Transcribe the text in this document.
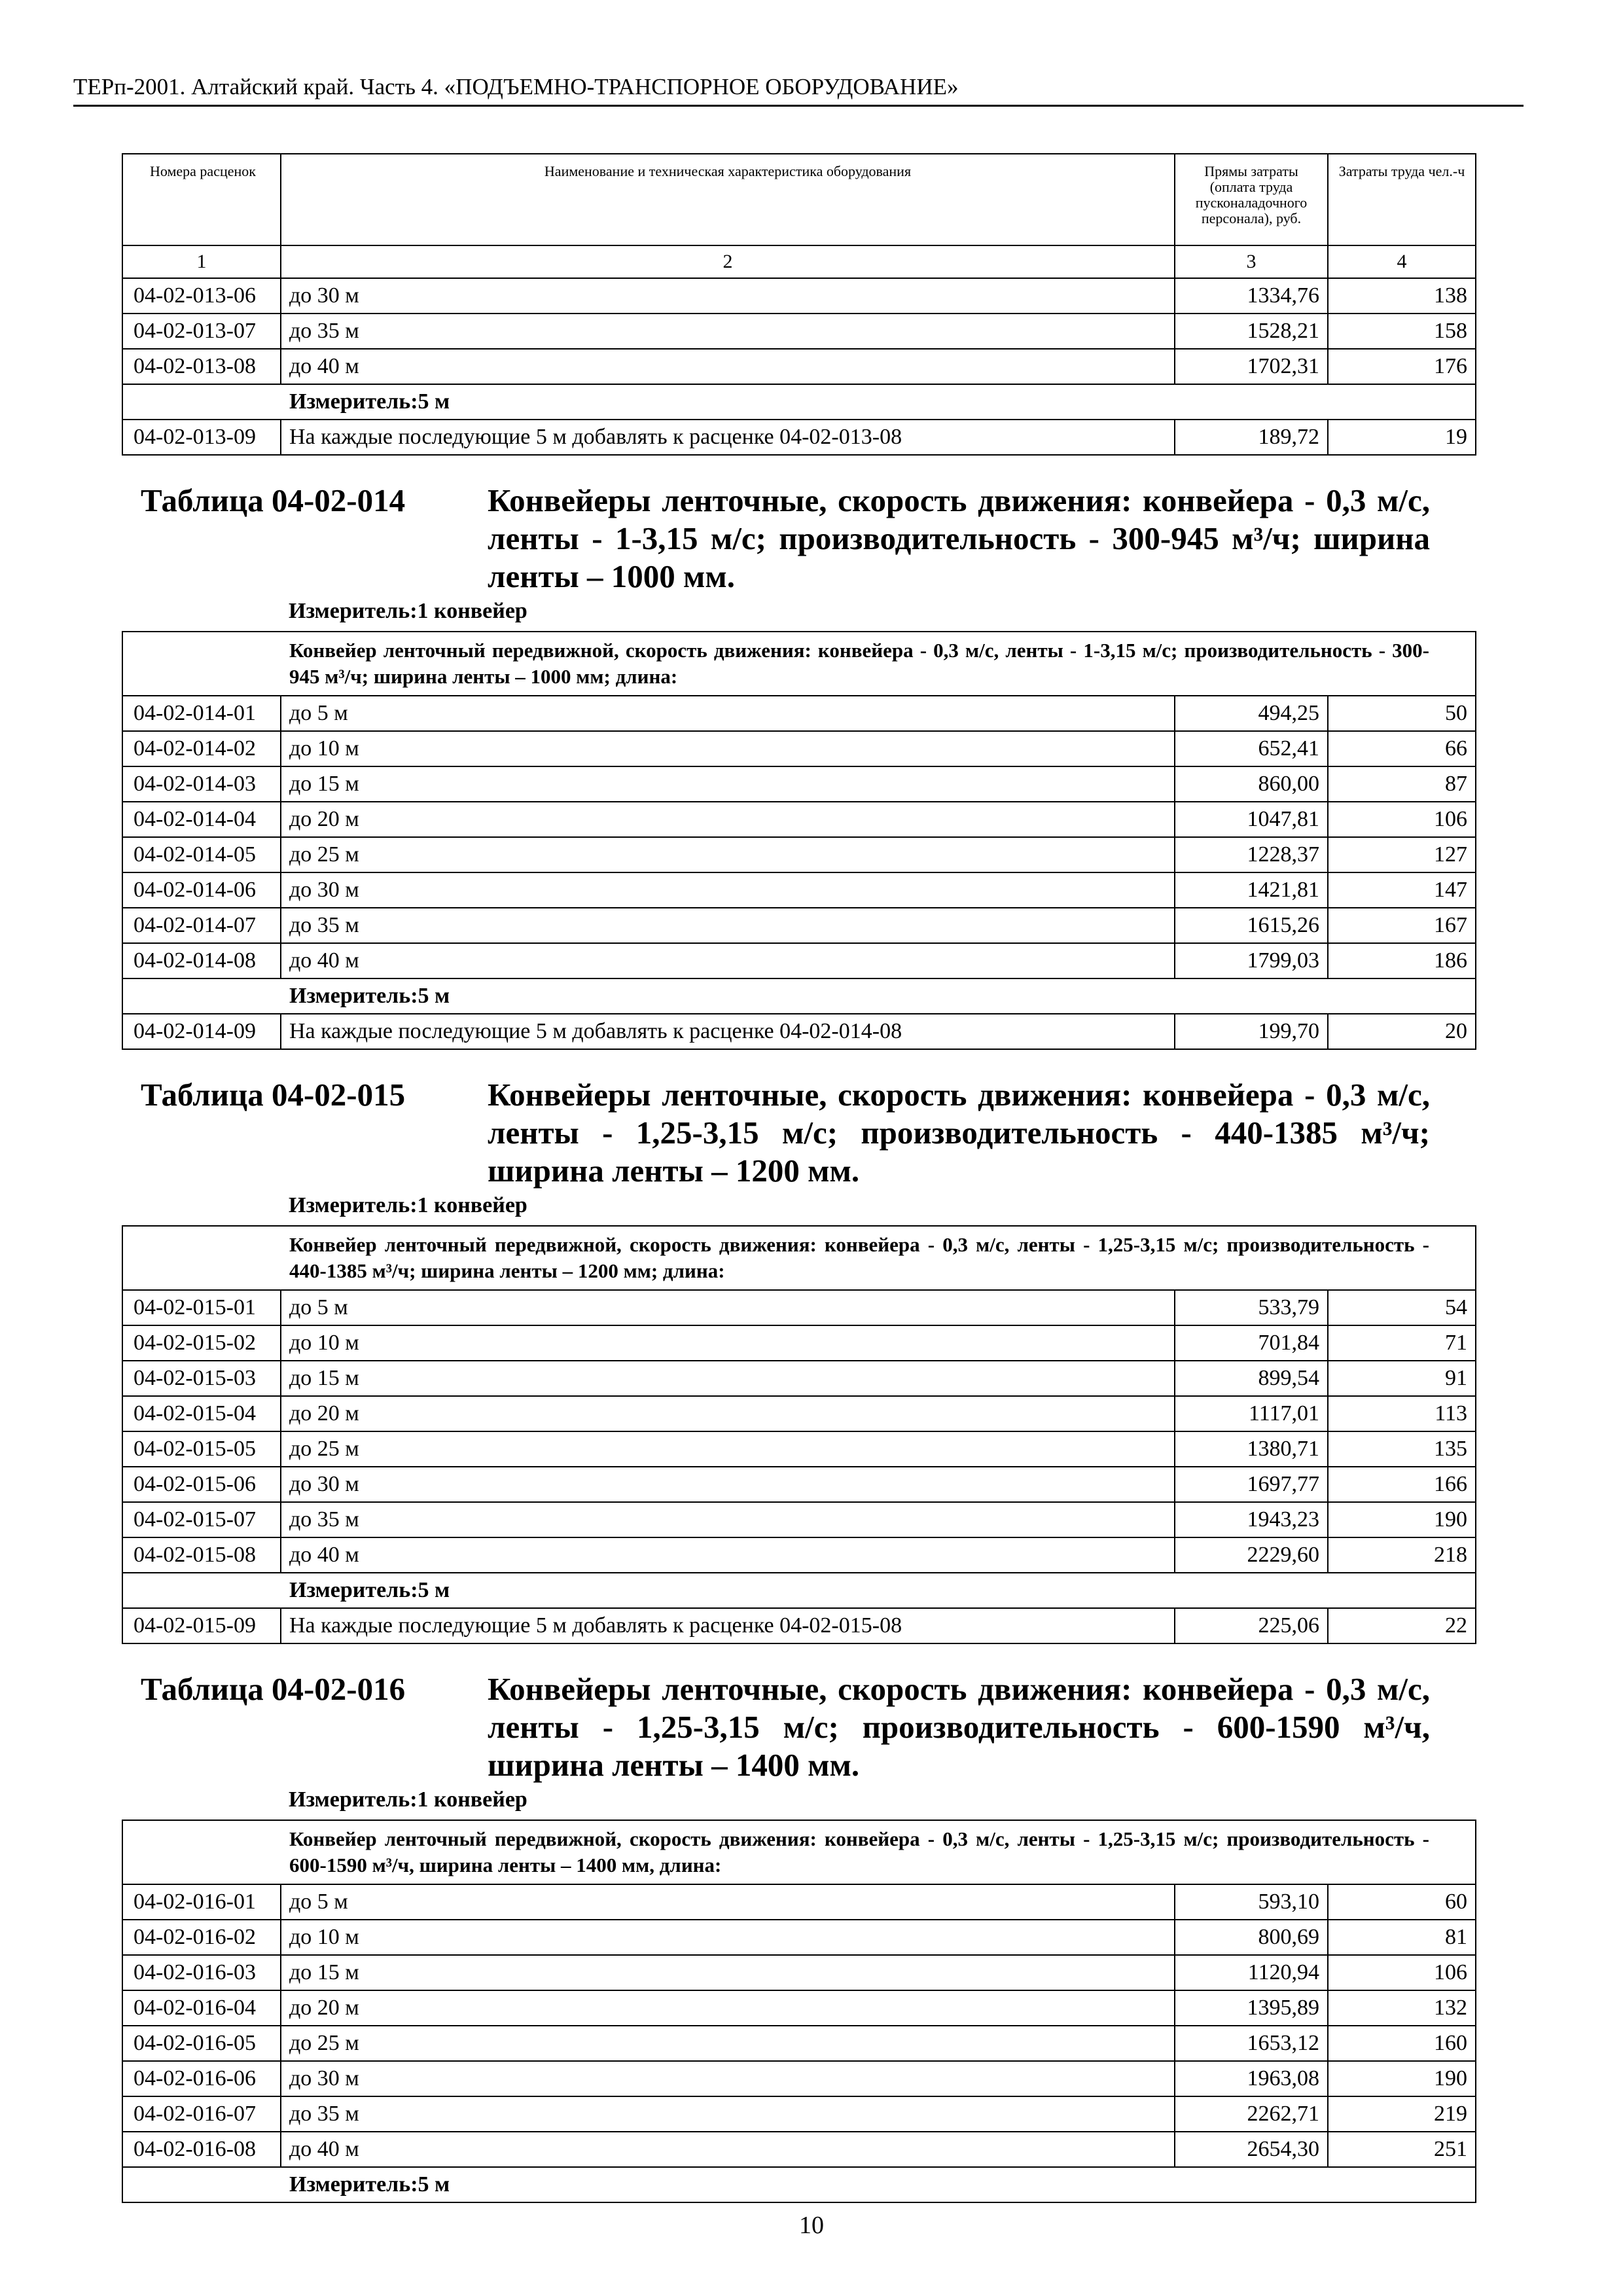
ТЕРп-2001. Алтайский край. Часть 4. «ПОДЪЕМНО-ТРАНСПОРНОЕ ОБОРУДОВАНИЕ»
Номера расценок	Наименование и техническая характеристика оборудования	Прямы затраты (оплата труда пусконаладочного персонала), руб.	Затраты труда чел.-ч
1	2	3	4
04-02-013-06	до 30 м	1334,76	138
04-02-013-07	до 35 м	1528,21	158
04-02-013-08	до 40 м	1702,31	176
Измеритель:5 м			
04-02-013-09	На каждые последующие 5 м добавлять к расценке 04-02-013-08	189,72	19

Таблица 04-02-014 Конвейеры ленточные, скорость движения: конвейера - 0,3 м/с, ленты - 1-3,15 м/с; производительность - 300-945 м³/ч; ширина ленты – 1000 мм.
Измеритель:1 конвейер			

Конвейер ленточный передвижной, скорость движения: конвейера - 0,3 м/с, ленты - 1-3,15 м/с; производительность - 300-945 м³/ч; ширина ленты – 1000 мм; длина:			
04-02-014-01	до 5 м	494,25	50
04-02-014-02	до 10 м	652,41	66
04-02-014-03	до 15 м	860,00	87
04-02-014-04	до 20 м	1047,81	106
04-02-014-05	до 25 м	1228,37	127
04-02-014-06	до 30 м	1421,81	147
04-02-014-07	до 35 м	1615,26	167
04-02-014-08	до 40 м	1799,03	186
Измеритель:5 м			
04-02-014-09	На каждые последующие 5 м добавлять к расценке 04-02-014-08	199,70	20

Таблица 04-02-015 Конвейеры ленточные, скорость движения: конвейера - 0,3 м/с, ленты - 1,25-3,15 м/с; производительность - 440-1385 м³/ч; ширина ленты – 1200 мм.
Измеритель:1 конвейер			

Конвейер ленточный передвижной, скорость движения: конвейера - 0,3 м/с, ленты - 1,25-3,15 м/с; производительность - 440-1385 м³/ч; ширина ленты – 1200 мм; длина:			
04-02-015-01	до 5 м	533,79	54
04-02-015-02	до 10 м	701,84	71
04-02-015-03	до 15 м	899,54	91
04-02-015-04	до 20 м	1117,01	113
04-02-015-05	до 25 м	1380,71	135
04-02-015-06	до 30 м	1697,77	166
04-02-015-07	до 35 м	1943,23	190
04-02-015-08	до 40 м	2229,60	218
Измеритель:5 м			
04-02-015-09	На каждые последующие 5 м добавлять к расценке 04-02-015-08	225,06	22

Таблица 04-02-016 Конвейеры ленточные, скорость движения: конвейера - 0,3 м/с, ленты - 1,25-3,15 м/с; производительность - 600-1590 м³/ч, ширина ленты – 1400 мм.
Измеритель:1 конвейер			

Конвейер ленточный передвижной, скорость движения: конвейера - 0,3 м/с, ленты - 1,25-3,15 м/с; производительность - 600-1590 м³/ч, ширина ленты – 1400 мм, длина:			
04-02-016-01	до 5 м	593,10	60
04-02-016-02	до 10 м	800,69	81
04-02-016-03	до 15 м	1120,94	106
04-02-016-04	до 20 м	1395,89	132
04-02-016-05	до 25 м	1653,12	160
04-02-016-06	до 30 м	1963,08	190
04-02-016-07	до 35 м	2262,71	219
04-02-016-08	до 40 м	2654,30	251
Измеритель:5 м			
10
